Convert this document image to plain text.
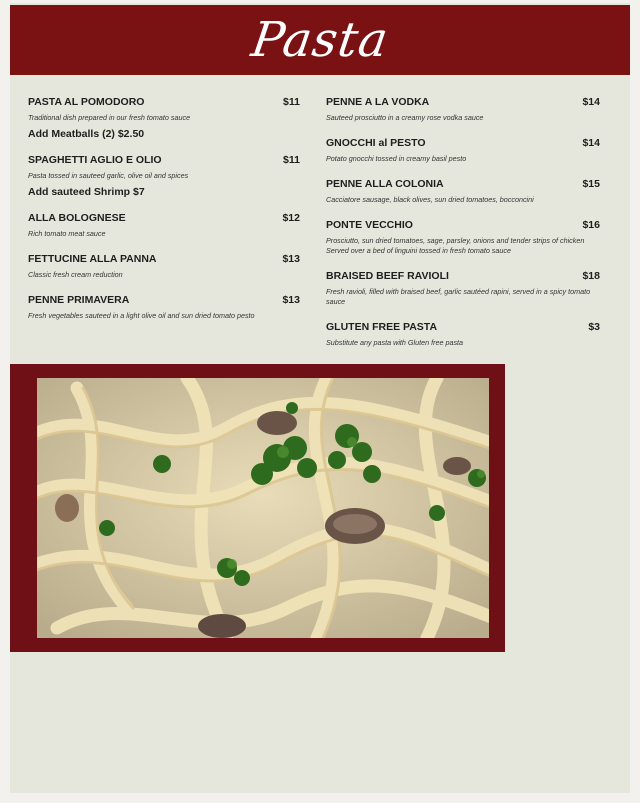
Pasta
PASTA AL POMODORO	$11
Traditional dish prepared in our fresh tomato sauce
Add Meatballs (2) $2.50
SPAGHETTI AGLIO E OLIO	$11
Pasta tossed in sauteed garlic, olive oil and spices
Add sauteed Shrimp $7
ALLA BOLOGNESE	$12
Rich tomato meat sauce
FETTUCINE ALLA PANNA	$13
Classic fresh cream reduction
PENNE PRIMAVERA	$13
Fresh vegetables sauteed in a light olive oil and sun dried tomato pesto
PENNE A LA VODKA	$14
Sauteed prosciutto in a creamy rose vodka sauce
GNOCCHI al PESTO	$14
Potato gnocchi tossed in creamy basil pesto
PENNE ALLA COLONIA	$15
Cacciatore sausage, black olives, sun dried tomatoes, bocconcini
PONTE VECCHIO	$16
Prosciutto, sun dried tomatoes, sage, parsley, onions and tender strips of chicken
Served over a bed of linguini tossed in fresh tomato sauce
BRAISED BEEF RAVIOLI	$18
Fresh ravioli, filled with braised beef, garlic sautéed rapini, served in a spicy tomato sauce
GLUTEN FREE PASTA	$3
Substitute any pasta with Gluten free pasta
